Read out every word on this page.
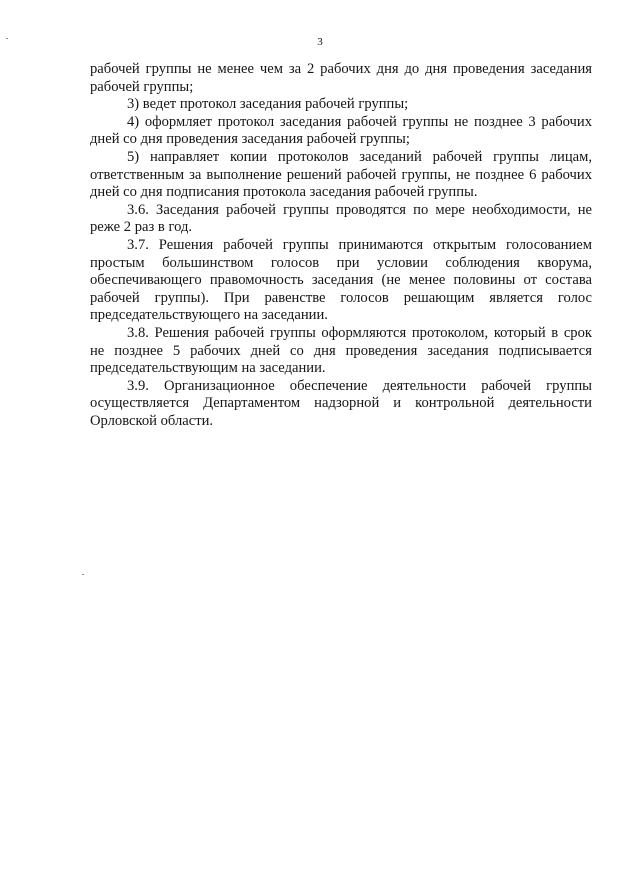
3

рабочей группы не менее чем за 2 рабочих дня до дня проведения заседания рабочей группы;

3) ведет протокол заседания рабочей группы;

4) оформляет протокол заседания рабочей группы не позднее 3 рабочих дней со дня проведения заседания рабочей группы;

5) направляет копии протоколов заседаний рабочей группы лицам, ответственным за выполнение решений рабочей группы, не позднее 6 рабочих дней со дня подписания протокола заседания рабочей группы.

3.6. Заседания рабочей группы проводятся по мере необходимости, не реже 2 раз в год.

3.7. Решения рабочей группы принимаются открытым голосованием простым большинством голосов при условии соблюдения кворума, обеспечивающего правомочность заседания (не менее половины от состава рабочей группы). При равенстве голосов решающим является голос председательствующего на заседании.

3.8. Решения рабочей группы оформляются протоколом, который в срок не позднее 5 рабочих дней со дня проведения заседания подписывается председательствующим на заседании.

3.9. Организационное обеспечение деятельности рабочей группы осуществляется Департаментом надзорной и контрольной деятельности Орловской области.
